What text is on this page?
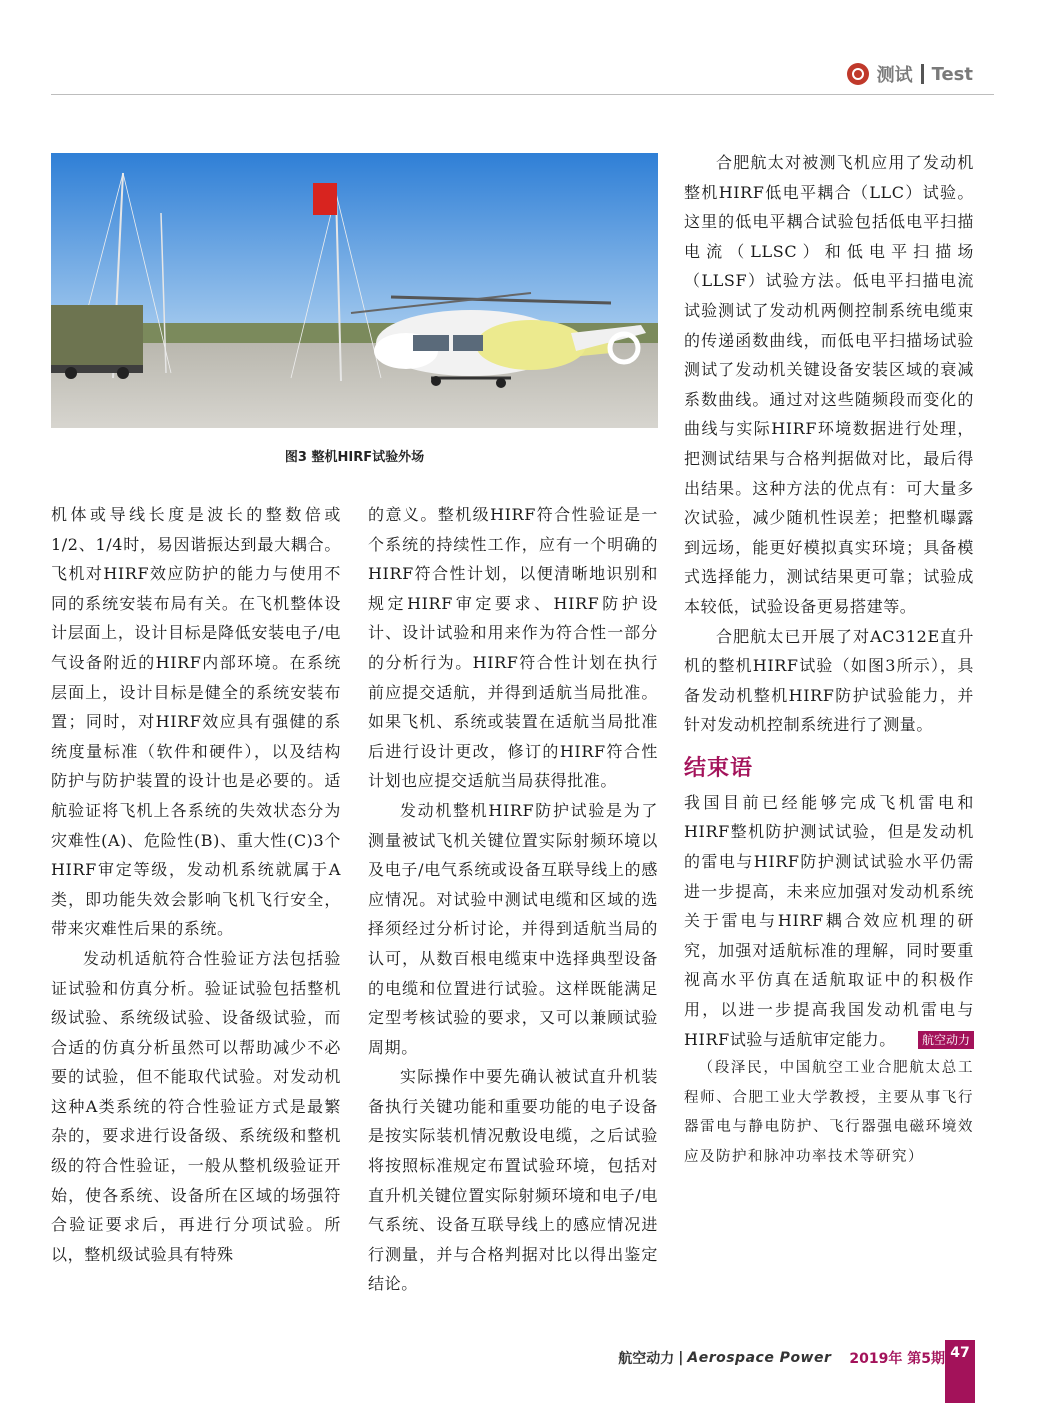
测试 Test
图3 整机HIRF试验外场

机体或导线长度是波长的整数倍或1/2、1/4时，易因谐振达到最大耦合。飞机对HIRF效应防护的能力与使用不同的系统安装布局有关。在飞机整体设计层面上，设计目标是降低安装电子/电气设备附近的HIRF内部环境。在系统层面上，设计目标是健全的系统安装布置；同时，对HIRF效应具有强健的系统度量标准（软件和硬件），以及结构防护与防护装置的设计也是必要的。适航验证将飞机上各系统的失效状态分为灾难性(A)、危险性(B)、重大性(C)3个HIRF审定等级，发动机系统就属于A类，即功能失效会影响飞机飞行安全，带来灾难性后果的系统。

发动机适航符合性验证方法包括验证试验和仿真分析。验证试验包括整机级试验、系统级试验、设备级试验，而合适的仿真分析虽然可以帮助减少不必要的试验，但不能取代试验。对发动机这种A类系统的符合性验证方式是最繁杂的，要求进行设备级、系统级和整机级的符合性验证，一般从整机级验证开始，使各系统、设备所在区域的场强符合验证要求后，再进行分项试验。所以，整机级试验具有特殊

的意义。整机级HIRF符合性验证是一个系统的持续性工作，应有一个明确的HIRF符合性计划，以便清晰地识别和规定HIRF审定要求、HIRF防护设计、设计试验和用来作为符合性一部分的分析行为。HIRF符合性计划在执行前应提交适航，并得到适航当局批准。如果飞机、系统或装置在适航当局批准后进行设计更改，修订的HIRF符合性计划也应提交适航当局获得批准。

发动机整机HIRF防护试验是为了测量被试飞机关键位置实际射频环境以及电子/电气系统或设备互联导线上的感应情况。对试验中测试电缆和区域的选择须经过分析讨论，并得到适航当局的认可，从数百根电缆束中选择典型设备的电缆和位置进行试验。这样既能满足定型考核试验的要求，又可以兼顾试验周期。

实际操作中要先确认被试直升机装备执行关键功能和重要功能的电子设备是按实际装机情况敷设电缆，之后试验将按照标准规定布置试验环境，包括对直升机关键位置实际射频环境和电子/电气系统、设备互联导线上的感应情况进行测量，并与合格判据对比以得出鉴定结论。

合肥航太对被测飞机应用了发动机整机HIRF低电平耦合（LLC）试验。这里的低电平耦合试验包括低电平扫描电流（LLSC）和低电平扫描场（LLSF）试验方法。低电平扫描电流试验测试了发动机两侧控制系统电缆束的传递函数曲线，而低电平扫描场试验测试了发动机关键设备安装区域的衰减系数曲线。通过对这些随频段而变化的曲线与实际HIRF环境数据进行处理，把测试结果与合格判据做对比，最后得出结果。这种方法的优点有：可大量多次试验，减少随机性误差；把整机曝露到远场，能更好模拟真实环境；具备模式选择能力，测试结果更可靠；试验成本较低，试验设备更易搭建等。

合肥航太已开展了对AC312E直升机的整机HIRF试验（如图3所示），具备发动机整机HIRF防护试验能力，并针对发动机控制系统进行了测量。

结束语

我国目前已经能够完成飞机雷电和HIRF整机防护测试试验，但是发动机的雷电与HIRF防护测试试验水平仍需进一步提高，未来应加强对发动机系统关于雷电与HIRF耦合效应机理的研究，加强对适航标准的理解，同时要重视高水平仿真在适航取证中的积极作用，以进一步提高我国发动机雷电与HIRF试验与适航审定能力。	航空动力

（段泽民，中国航空工业合肥航太总工程师、合肥工业大学教授，主要从事飞行器雷电与静电防护、飞行器强电磁环境效应及防护和脉冲功率技术等研究）

航空动力 | Aerospace Power 2019年 第5期 47
